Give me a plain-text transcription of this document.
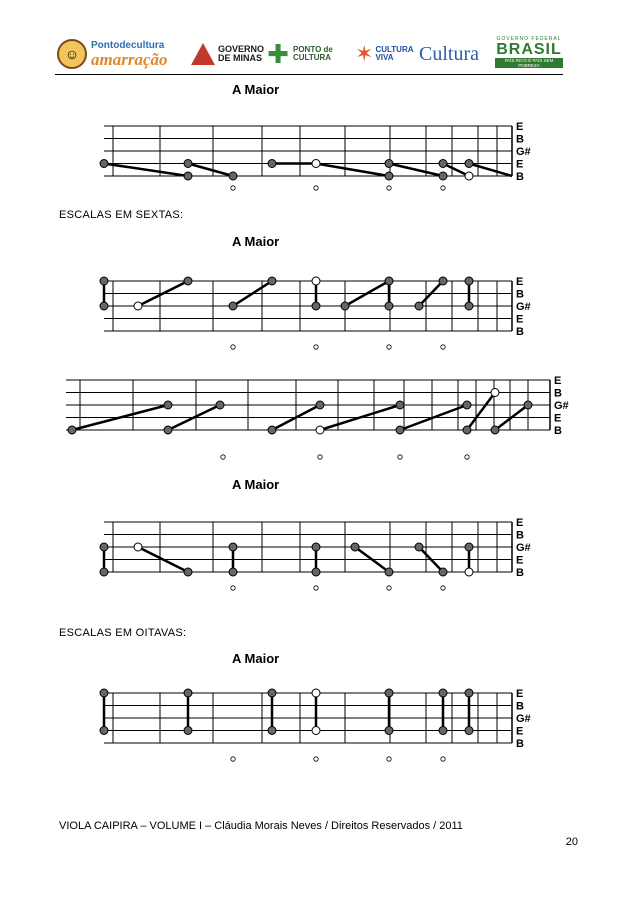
☺
Pontodecultura
amarração
GOVERNO
DE MINAS ✚ PONTO de CULTURA	✶ CULTURA VIVA	Cultura
GOVERNO FEDERAL
BRASIL
PAÍS RICO É PAÍS SEM POBREZA
ESCALAS EM SEXTAS:
ESCALAS EM OITAVAS:
A Maior
E
B
G#
E
B
A Maior
E
B
G#
E
B
E
B
G#
E
B
A Maior
E
B
G#
E
B
A Maior
E
B
G#
E
B
VIOLA CAIPIRA – VOLUME I – Cláudia Morais Neves / Direitos Reservados / 2011
20
